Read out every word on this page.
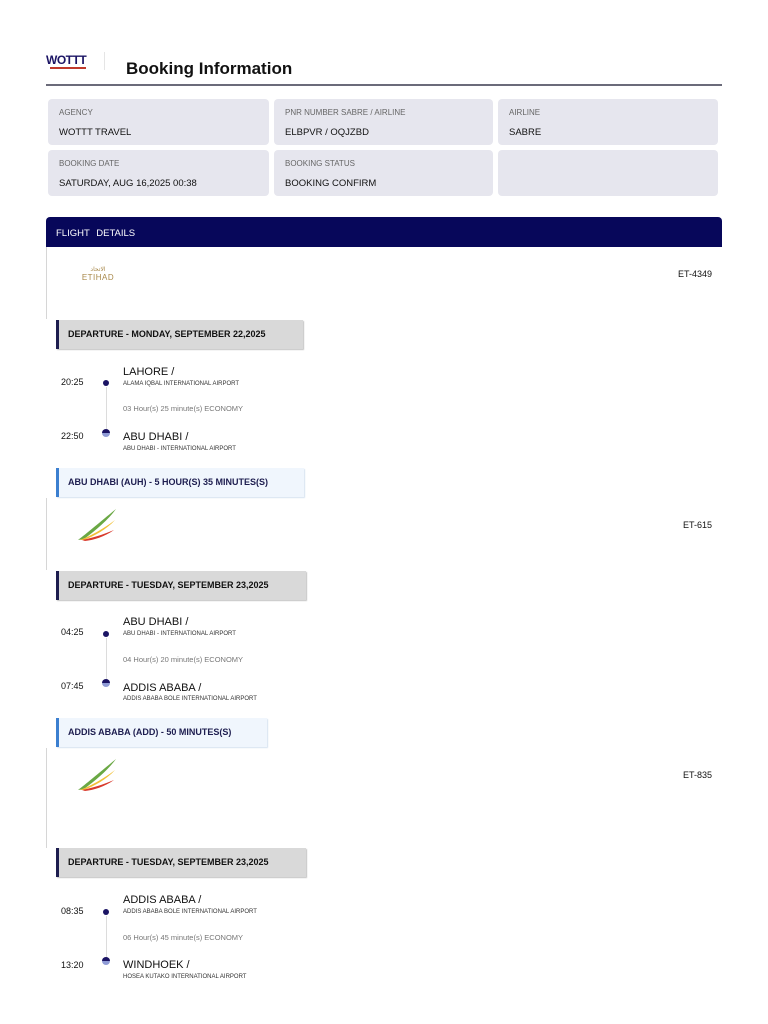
WOTTT Booking Information
AGENCY
WOTTT TRAVEL
PNR NUMBER SABRE / AIRLINE
ELBPVR / OQJZBD
AIRLINE
SABRE
BOOKING DATE
SATURDAY, AUG 16,2025 00:38
BOOKING STATUS
BOOKING CONFIRM
FLIGHT DETAILS
الاتحاد
ETIHAD	ET-4349
DEPARTURE - MONDAY, SEPTEMBER 22,2025
20:25
LAHORE /
ALAMA IQBAL INTERNATIONAL AIRPORT
03 Hour(s) 25 minute(s) ECONOMY
22:50	ABU DHABI /
ABU DHABI - INTERNATIONAL AIRPORT
ABU DHABI (AUH) - 5 HOUR(S) 35 MINUTES(S)
ET-615
DEPARTURE - TUESDAY, SEPTEMBER 23,2025
04:25
ABU DHABI /
ABU DHABI - INTERNATIONAL AIRPORT
04 Hour(s) 20 minute(s) ECONOMY
07:45	ADDIS ABABA /
ADDIS ABABA BOLE INTERNATIONAL AIRPORT
ADDIS ABABA (ADD) - 50 MINUTES(S)
ET-835
DEPARTURE - TUESDAY, SEPTEMBER 23,2025
08:35
ADDIS ABABA /
ADDIS ABABA BOLE INTERNATIONAL AIRPORT
06 Hour(s) 45 minute(s) ECONOMY
13:20	WINDHOEK /
HOSEA KUTAKO INTERNATIONAL AIRPORT
